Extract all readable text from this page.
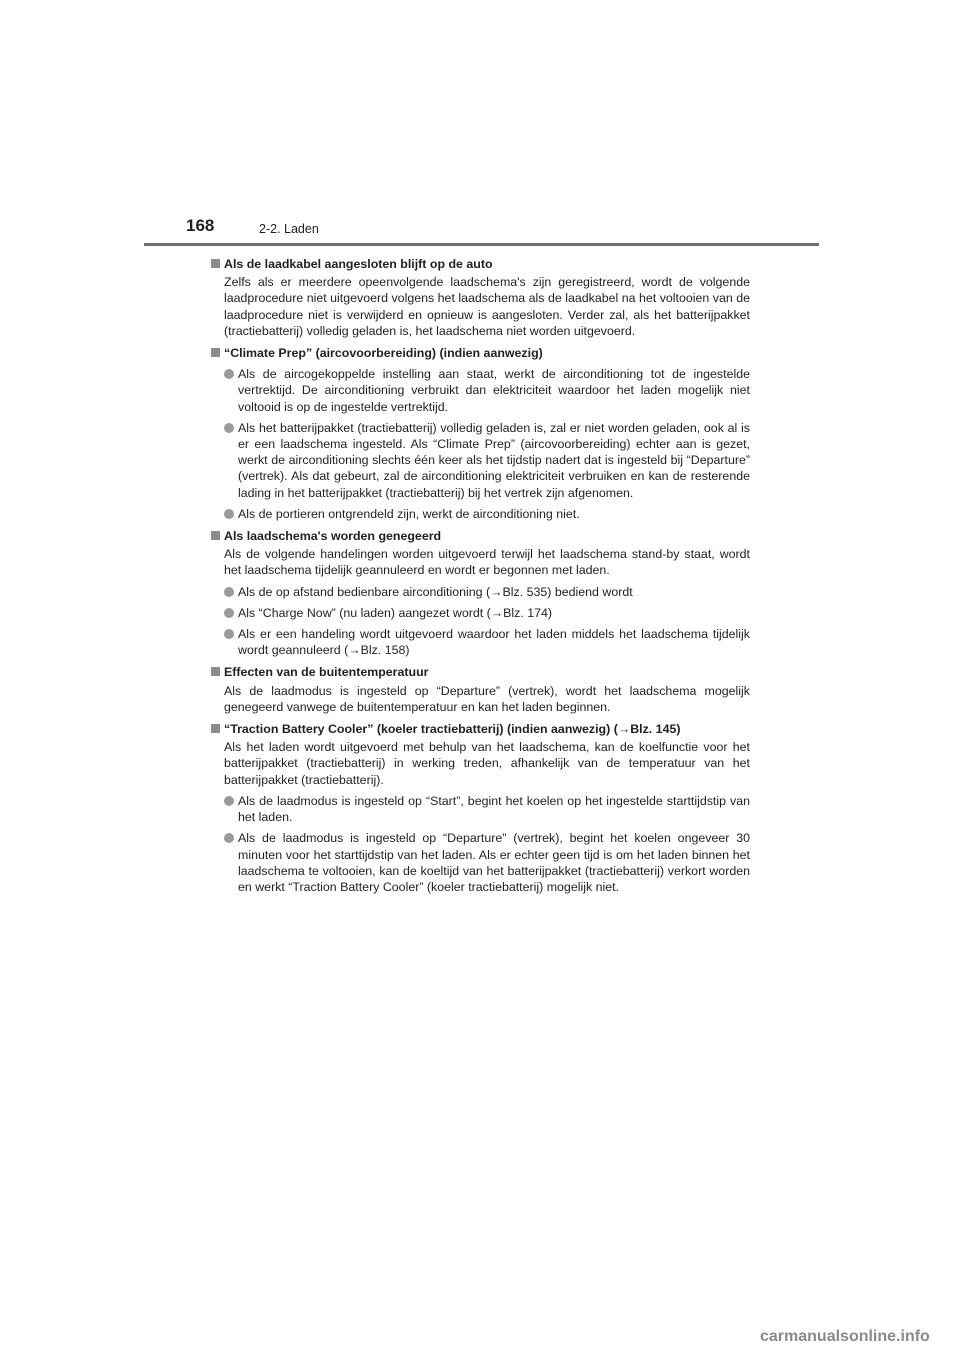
168	2-2. Laden
Als de laadkabel aangesloten blijft op de auto
Zelfs als er meerdere opeenvolgende laadschema's zijn geregistreerd, wordt de volgende laadprocedure niet uitgevoerd volgens het laadschema als de laadkabel na het voltooien van de laadprocedure niet is verwijderd en opnieuw is aangesloten. Verder zal, als het batterijpakket (tractiebatterij) volledig geladen is, het laadschema niet worden uitgevoerd.
“Climate Prep” (aircovoorbereiding) (indien aanwezig)
Als de aircogekoppelde instelling aan staat, werkt de airconditioning tot de ingestelde vertrektijd. De airconditioning verbruikt dan elektriciteit waardoor het laden mogelijk niet voltooid is op de ingestelde vertrektijd.
Als het batterijpakket (tractiebatterij) volledig geladen is, zal er niet worden geladen, ook al is er een laadschema ingesteld. Als “Climate Prep” (aircovoorbereiding) echter aan is gezet, werkt de airconditioning slechts één keer als het tijdstip nadert dat is ingesteld bij “Departure” (vertrek). Als dat gebeurt, zal de airconditioning elektriciteit verbruiken en kan de resterende lading in het batterijpakket (tractiebatterij) bij het vertrek zijn afgenomen.
Als de portieren ontgrendeld zijn, werkt de airconditioning niet.
Als laadschema's worden genegeerd
Als de volgende handelingen worden uitgevoerd terwijl het laadschema stand-by staat, wordt het laadschema tijdelijk geannuleerd en wordt er begonnen met laden.
Als de op afstand bedienbare airconditioning (→Blz. 535) bediend wordt
Als “Charge Now” (nu laden) aangezet wordt (→Blz. 174)
Als er een handeling wordt uitgevoerd waardoor het laden middels het laadschema tijdelijk wordt geannuleerd (→Blz. 158)
Effecten van de buitentemperatuur
Als de laadmodus is ingesteld op “Departure” (vertrek), wordt het laadschema mogelijk genegeerd vanwege de buitentemperatuur en kan het laden beginnen.
“Traction Battery Cooler” (koeler tractiebatterij) (indien aanwezig) (→Blz. 145)
Als het laden wordt uitgevoerd met behulp van het laadschema, kan de koelfunctie voor het batterijpakket (tractiebatterij) in werking treden, afhankelijk van de temperatuur van het batterijpakket (tractiebatterij).
Als de laadmodus is ingesteld op “Start”, begint het koelen op het ingestelde starttijdstip van het laden.
Als de laadmodus is ingesteld op “Departure” (vertrek), begint het koelen ongeveer 30 minuten voor het starttijdstip van het laden. Als er echter geen tijd is om het laden binnen het laadschema te voltooien, kan de koeltijd van het batterijpakket (tractiebatterij) verkort worden en werkt “Traction Battery Cooler” (koeler tractiebatterij) mogelijk niet.
carmanualsonline.info
